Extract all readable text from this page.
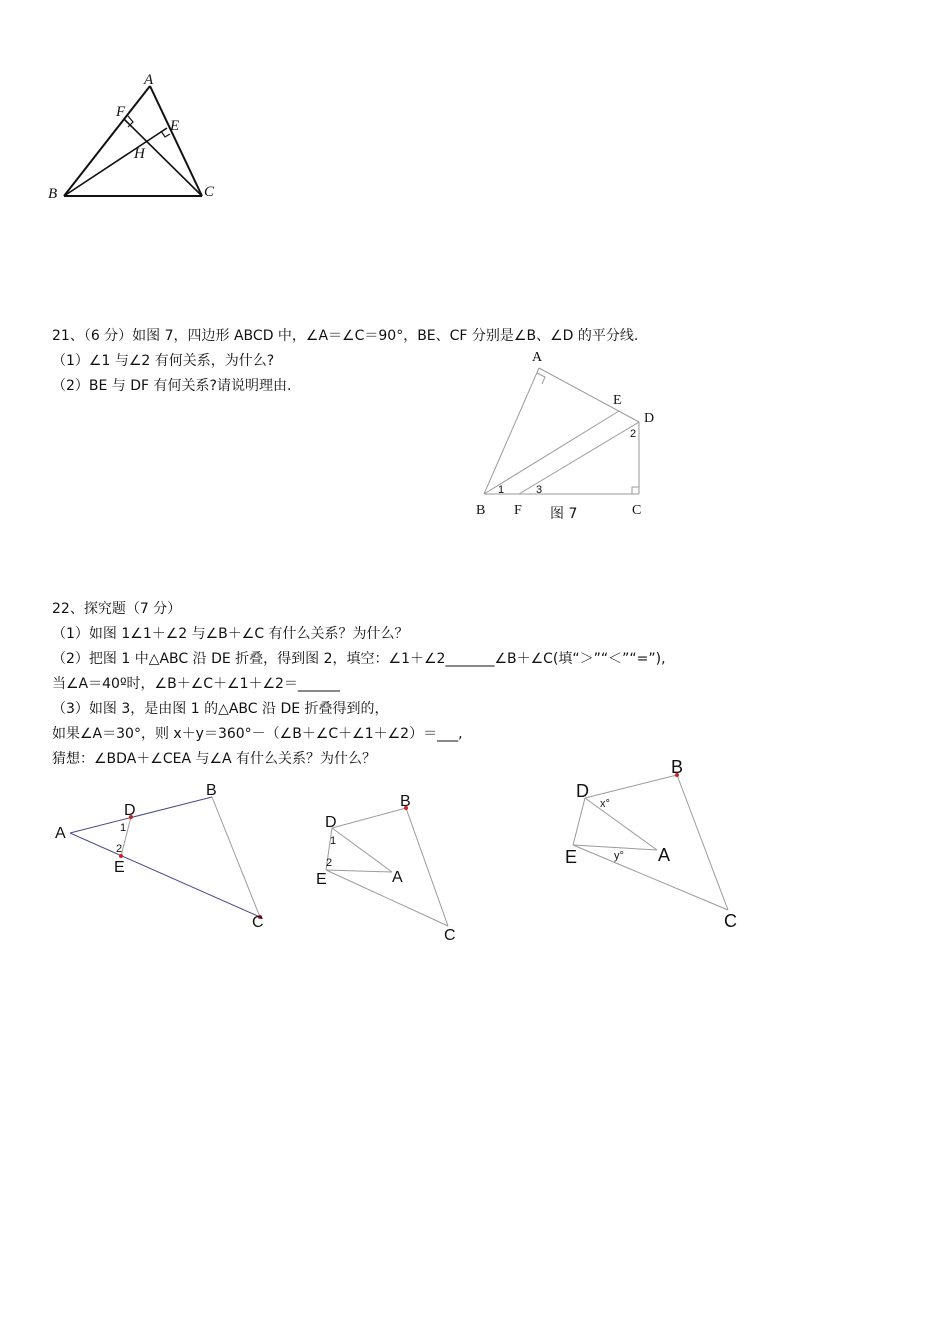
A
B	C
E
F
H
21、（6 分）如图 7，四边形 ABCD 中，∠A＝∠C＝90°，BE、CF 分别是∠B、∠D 的平分线.
（1）∠1 与∠2 有何关系，为什么?
（2）BE 与 DF 有何关系?请说明理由.
A
E
D
B F	C
1	3
2
图 7
22、探究题（7 分）
（1）如图 1∠1＋∠2 与∠B＋∠C 有什么关系？为什么？
（2）把图 1 中△ABC 沿 DE 折叠，得到图 2，填空：∠1＋∠2_______∠B＋∠C(填“＞”“＜”“=”),
当∠A＝40º时，∠B＋∠C＋∠1＋∠2＝______
（3）如图 3，是由图 1 的△ABC 沿 DE 折叠得到的，
如果∠A＝30°，则 x＋y＝360°－（∠B＋∠C＋∠1＋∠2）＝___,
猜想：∠BDA＋∠CEA 与∠A 有什么关系？为什么？
A
B
D
E
C
1
2
B
D
E	A
C
1
2
B
D
E	A
C
x°
y°
